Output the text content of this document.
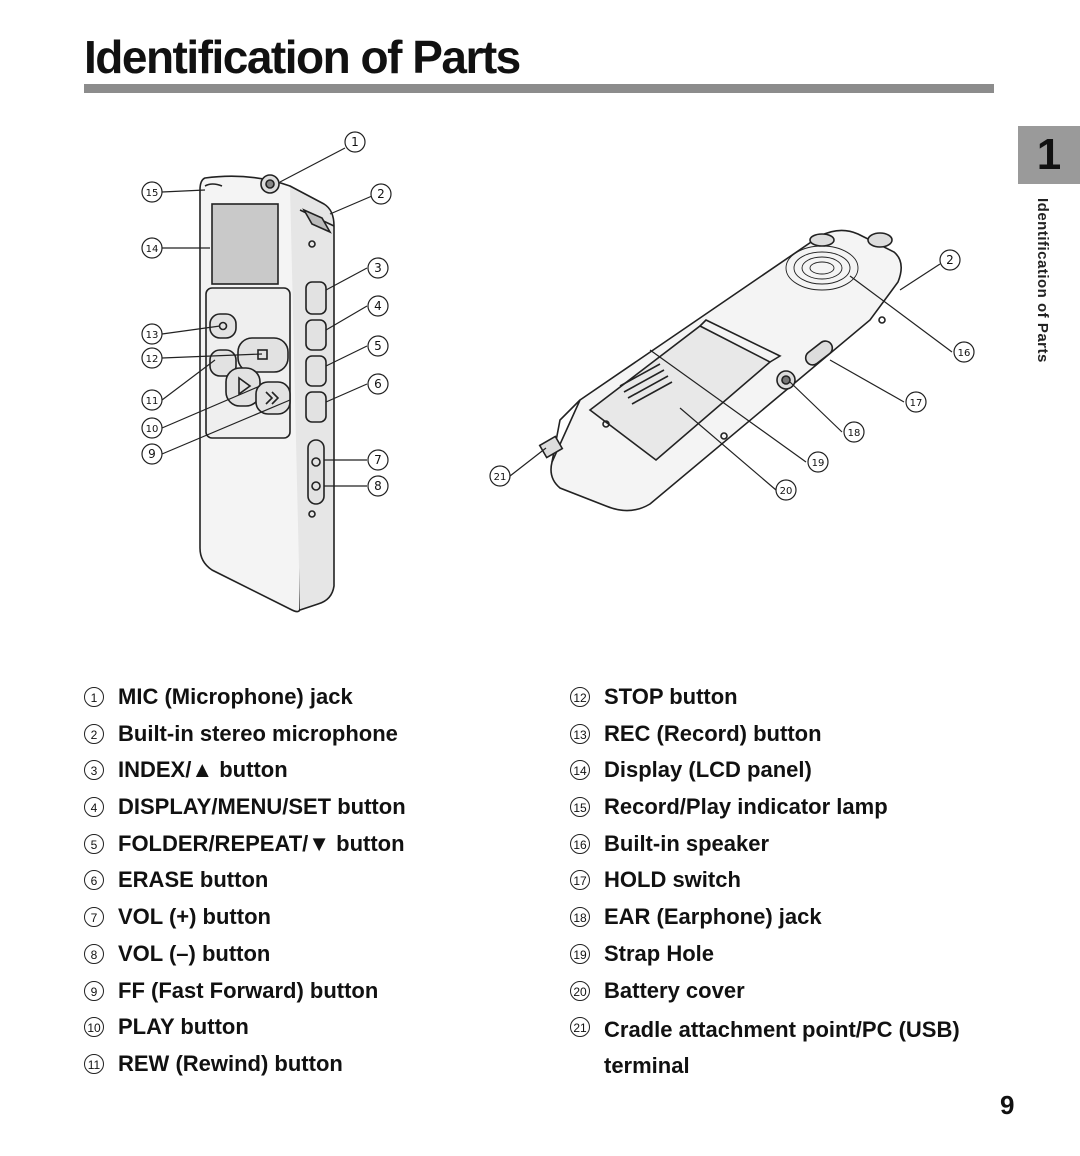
Identification of Parts
1
Identification of Parts
1
2
3
4
5
6
7
8
9
10
11
12
13
14
15
2
16
17
18
19
20
21
1 MIC (Microphone) jack
2 Built-in stereo microphone
3 INDEX/▲ button
4 DISPLAY/MENU/SET button
5 FOLDER/REPEAT/▼ button
6 ERASE button
7 VOL (+) button
8 VOL (–) button
9 FF (Fast Forward) button
10 PLAY button
11 REW (Rewind) button
12 STOP button
13 REC (Record) button
14 Display (LCD panel)
15 Record/Play indicator lamp
16 Built-in speaker
17 HOLD switch
18 EAR (Earphone) jack
19 Strap Hole
20 Battery cover
21 Cradle attachment point/PC (USB) terminal
9
